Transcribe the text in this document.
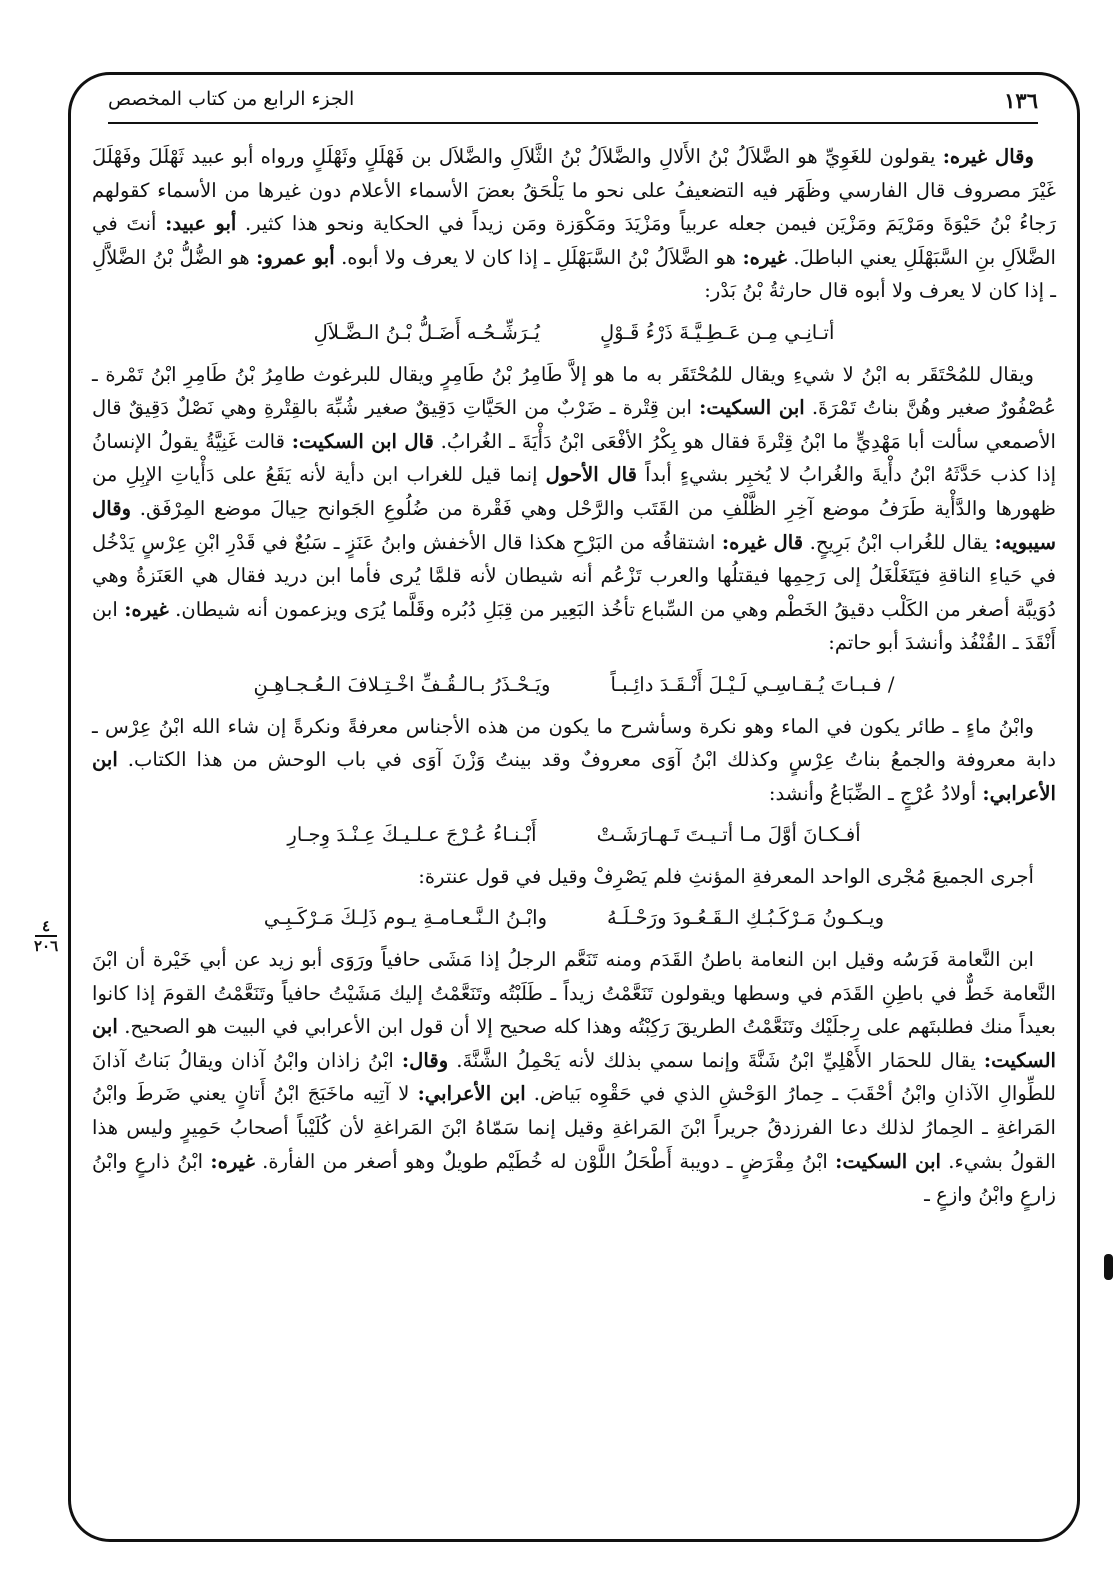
١٣٦
الجزء الرابع من كتاب المخصص
٤
٢٠٦

وقال غيره: يقولون للغَوِيِّ هو الضَّلاَلُ بْنُ الأَلالِ والضَّلاَلُ بْنُ الثَّلاَلِ والضَّلاَل بن فَهْلَلٍ وثَهْلَلٍ ورواه أبو عبيد ثَهْلَلَ وفَهْلَلَ غَيْرَ مصروف قال الفارسي وظَهَر فيه التضعيفُ على نحو ما يَلْحَقُ بعضَ الأسماء الأعلام دون غيرها من الأسماء كقولهم رَجاءُ بْنُ حَيْوَةَ ومَرْيَمَ ومَزْيَن فيمن جعله عربياً ومَزْيَدَ ومَكْوَزة ومَن زيداً في الحكاية ونحو هذا كثير. أبو عبيد: أنتَ في الضَّلاَلِ بنِ السَّبَهْلَلِ يعني الباطلَ. غيره: هو الضَّلاَلُ بْنُ السَّبَهْلَلِ ـ إذا كان لا يعرف ولا أبوه. أبو عمرو: هو الضُّلُّ بْنُ الضَّلاَّلِ ـ إذا كان لا يعرف ولا أبوه قال حارثةُ بْنُ بَدْر:

أتـانِـي مِـن عَـطِـيَّـةَ ذَرْءُ قَـوْلٍ
يُـرَشِّـحُـه أَضَـلُّ بْـنُ الـضَّـلاَلِ

ويقال للمُحْتَقَر به ابْنُ لا شيءِ ويقال للمُحْتَقَر به ما هو إلاَّ طَامِرُ بْنُ طَامِرٍ ويقال للبرغوث طامِرُ بْنُ طَامِرِ ابْنُ تَمْرة ـ عُصْفُورٌ صغير وهُنَّ بناتُ تَمْرَةَ. ابن السكيت: ابن قِتْرة ـ ضَرْبٌ من الحَيَّاتِ دَقِيقٌ صغير شُبِّهَ بالقِتْرةِ وهي نَصْلٌ دَقِيقٌ قال الأصمعي سألت أبا مَهْدِيٍّ ما ابْنُ قِتْرةَ فقال هو بِكْرُ الأفْعَى ابْنُ دَأْيَةَ ـ الغُرابُ. قال ابن السكيت: قالت غَنِيَّةُ يقولُ الإنسانُ إذا كذب حَدَّثَهُ ابْنُ دأْيةَ والغُرابُ لا يُخبِر بشيءٍ أبداً قال الأحول إنما قيل للغراب ابن دأية لأنه يَقَعُ على دَأْياتِ الإبِلِ من ظهورها والدَّأْية طَرَفُ موضع آخِرِ الظَّلْفِ من القَتَب والرَّحْل وهي فَقْرة من ضُلُوعِ الجَوانح حِيالَ موضع المِرْفَق. وقال سيبويه: يقال للغُراب ابْنُ بَرِيحٍ. قال غيره: اشتقاقُه من البَرْحِ هكذا قال الأخفش وابنُ عَنَزٍ ـ سَبُعٌ في قَدْرِ ابْنِ عِرْسٍ يَدْخُل في حَياءِ الناقةِ فيَتَغَلْغَلُ إلى رَحِمِها فيقتلُها والعرب تَزْعُم أنه شيطان لأنه قلمَّا يُرى فأما ابن دريد فقال هي العَنَزةُ وهي دُوَيبَّة أصغر من الكَلْب دقيقُ الخَطْم وهي من السِّباع تأخُذ البَعِير من قِبَلِ دُبُره وقَلَّما يُرَى ويزعمون أنه شيطان. غيره: ابن أَنْقَدَ ـ القُنْفُذ وأنشدَ أبو حاتم:

/ فـبـاتَ يُـقـاسِـي لَـيْـلَ أَنْـقَـدَ دائِـبـاً
ويَـحْـذَرُ بـالـقُـفِّ اخْـتِـلافَ الـعُـجـاهِـنِ

وابْنُ ماءٍ ـ طائر يكون في الماء وهو نكرة وسأشرح ما يكون من هذه الأجناس معرفةً ونكرةً إن شاء الله ابْنُ عِرْس ـ دابة معروفة والجمعُ بناتُ عِرْسٍ وكذلك ابْنُ آوَى معروفٌ وقد بينتُ وَزْنَ آوَى في باب الوحش من هذا الكتاب. ابن الأعرابي: أولادُ عُرْجٍ ـ الضِّبَاعُ وأنشد:

أفـكـانَ أوَّلَ مـا أتـيـتَ تَـهـارَشَـتْ
أَبْـنـاءُ عُـرْجَ عـلـيـكَ عِـنْـدَ وِجـارِ

أجرى الجميعَ مُجْرى الواحد المعرفةِ المؤنثِ فلم يَصْرِفْ وقيل في قول عنترة:

ويـكـونُ مَـرْكَـبُـكِ الـقَـعُـودَ ورَحْـلَـهُ
وابْـنُ الـنَّـعـامـةِ يـوم ذَلِـكَ مَـرْكَـبِـي

ابن النَّعامة فَرَسُه وقيل ابن النعامة باطنُ القَدَم ومنه تَنَعَّم الرجلُ إذا مَشَى حافياً ورَوَى أبو زيد عن أبي خَيْرة أن ابْنَ النَّعامة خَطٌّ في باطِنِ القَدَم في وسطها ويقولون تَنَعَّمْتُ زيداً ـ طَلَبْتُه وتَنَعَّمْتُ إليك مَشَيْتُ حافياً وتَنَعَّمْتُ القومَ إذا كانوا بعيداً منك فطلبتَهم على رِجلَيْك وتَنَعَّمْتُ الطريقَ رَكِبْتُه وهذا كله صحيح إلا أن قول ابن الأعرابي في البيت هو الصحيح. ابن السكيت: يقال للحمَار الأَهْلِيِّ ابْنُ شَنَّةَ وإنما سمي بذلك لأنه يَحْمِلُ الشَّنَّةَ. وقال: ابْنُ زاذان وابْنُ آذان ويقالُ بَناتُ آذانَ للطِّوالِ الآذانِ وابْنُ أحْقَبَ ـ حِمارُ الوَحْشِ الذي في حَقْوِه بَياض. ابن الأعرابي: لا آتِيه ماخَبَجَ ابْنُ أَتانٍ يعني ضَرطَ وابْنُ المَراغةِ ـ الحِمارُ لذلك دعا الفرزدقُ جريراً ابْنَ المَراغةِ وقيل إنما سَمّاهُ ابْنَ المَراغةِ لأن كُلَيْباً أصحابُ حَمِيرٍ وليس هذا القولُ بشيء. ابن السكيت: ابْنُ مِقْرَضٍ ـ دويبة أَطْحَلُ اللَّوْن له خُطَيْم طويلٌ وهو أصغر من الفأرة. غيره: ابْنُ ذارعٍ وابْنُ زارعٍ وابْنُ وازعٍ ـ
